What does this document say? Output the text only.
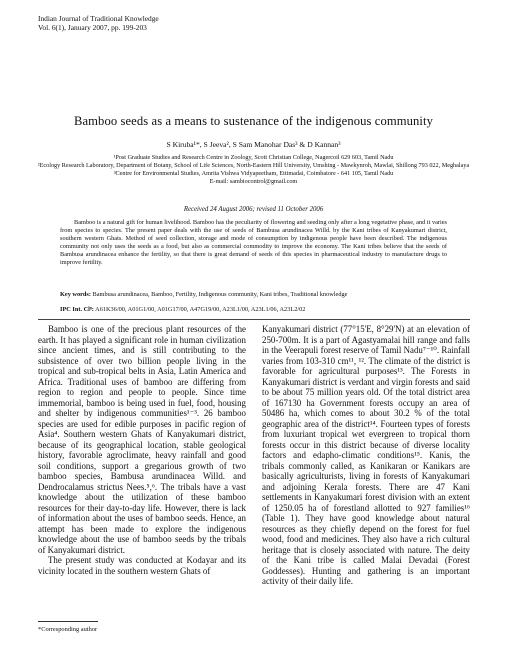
Indian Journal of Traditional Knowledge
Vol. 6(1), January 2007, pp. 199-203
Bamboo seeds as a means to sustenance of the indigenous community
S Kiruba¹*, S Jeeva², S Sam Manohar Das³ & D Kannan³
¹Post Graduate Studies and Research Centre in Zoology, Scott Christian College, Nagercoil 629 603, Tamil Nadu
²Ecology Research Laboratory, Department of Botany, School of Life Sciences, North-Eastern Hill University, Umshing - Mawkynroh, Mawlai, Shillong 793 022, Meghalaya
³Centre for Environmental Studies, Amrita Vishwa Vidyapeetham, Ettimadai, Coimbatore - 641 105, Tamil Nadu
E-mail: sambiocontrol@gmail.com
Received 24 August 2006; revised 11 October 2006
Bamboo is a natural gift for human livelihood. Bamboo has the peculiarity of flowering and seeding only after a long vegetative phase, and it varies from species to species. The present paper deals with the use of seeds of Bambusa arundinacea Willd. by the Kani tribes of Kanyakumari district, southern western Ghats. Method of seed collection, storage and mode of consumption by indigenous people have been described. The indigenous community not only uses the seeds as a food, but also as commercial commodity to improve the economy. The Kani tribes believe that the seeds of Bambusa arundinacea enhance the fertility, so that there is great demand of seeds of this species in pharmaceutical industry to manufacture drugs to improve fertility.
Key words: Bambusa arundinacea, Bamboo, Fertility, Indigenous community, Kani tribes, Traditional knowledge
IPC Int. Cl⁸: A61K36/00, A01G1/00, A01G17/00, A47G19/00, A23L1/00, A23L1/06, A23L2/02

Bamboo is one of the precious plant resources of the earth. It has played a significant role in human civilization since ancient times, and is still contributing to the subsistence of over two billion people living in the tropical and sub-tropical belts in Asia, Latin America and Africa. Traditional uses of bamboo are differing from region to region and people to people. Since time immemorial, bamboo is being used in fuel, food, housing and shelter by indigenous communities¹⁻³. 26 bamboo species are used for edible purposes in pacific region of Asia⁴. Southern western Ghats of Kanyakumari district, because of its geographical location, stable geological history, favorable agroclimate, heavy rainfall and good soil conditions, support a gregarious growth of two bamboo species, Bambusa arundinacea Willd. and Dendrocalamus strictus Nees.⁵,⁶. The tribals have a vast knowledge about the utilization of these bamboo resources for their day-to-day life. However, there is lack of information about the uses of bamboo seeds. Hence, an attempt has been made to explore the indigenous knowledge about the use of bamboo seeds by the tribals of Kanyakumari district.

The present study was conducted at Kodayar and its vicinity located in the southern western Ghats of

Kanyakumari district (77°15'E, 8°29'N) at an elevation of 250-700m. It is a part of Agastyamalai hill range and falls in the Veerapuli forest reserve of Tamil Nadu⁷⁻¹⁰. Rainfall varies from 103-310 cm¹¹, ¹². The climate of the district is favorable for agricultural purposes¹³. The Forests in Kanyakumari district is verdant and virgin forests and said to be about 75 million years old. Of the total district area of 167130 ha Government forests occupy an area of 50486 ha, which comes to about 30.2 % of the total geographic area of the district¹⁴. Fourteen types of forests from luxuriant tropical wet evergreen to tropical thorn forests occur in this district because of diverse locality factors and edapho-climatic conditions¹⁵. Kanis, the tribals commonly called, as Kanikaran or Kanikars are basically agriculturists, living in forests of Kanyakumari and adjoining Kerala forests. There are 47 Kani settlements in Kanyakumari forest division with an extent of 1250.05 ha of forestland allotted to 927 families¹⁶ (Table 1). They have good knowledge about natural resources as they chiefly depend on the forest for fuel wood, food and medicines. They also have a rich cultural heritage that is closely associated with nature. The deity of the Kani tribe is called Malai Devadai (Forest Goddesses). Hunting and gathering is an important activity of their daily life.

*Corresponding author
